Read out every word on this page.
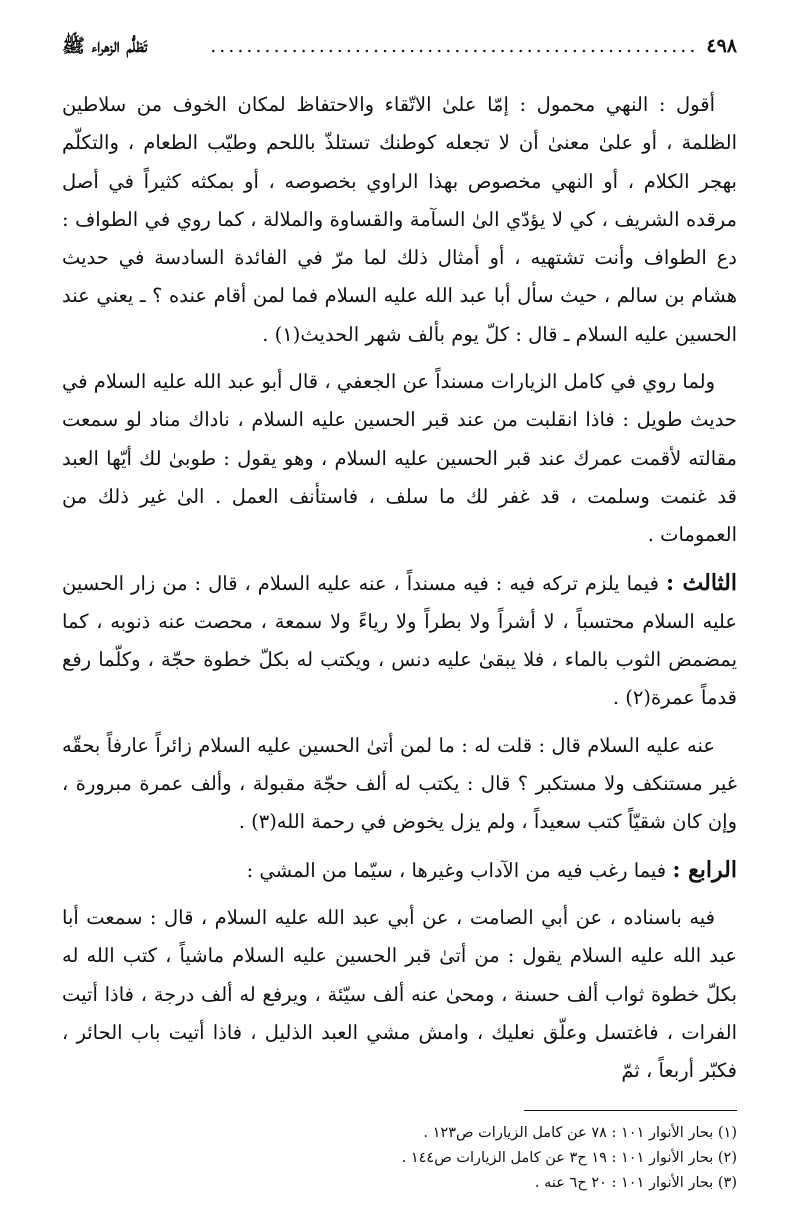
٤٩٨
......................................................
تَظلُّم الزهراء ﷺ

أقول : النهي محمول : إمّا علىٰ الاتّقاء والاحتفاظ لمكان الخوف من سلاطين الظلمة ، أو علىٰ معنىٰ أن لا تجعله كوطنك تستلذّ باللحم وطيّب الطعام ، والتكلّم بهجر الكلام ، أو النهي مخصوص بهذا الراوي بخصوصه ، أو بمكثه كثيراً في أصل مرقده الشريف ، كي لا يؤدّي الىٰ السآمة والقساوة والملالة ، كما روي في الطواف : دع الطواف وأنت تشتهيه ، أو أمثال ذلك لما مرّ في الفائدة السادسة في حديث هشام بن سالم ، حيث سأل أبا عبد الله عليه السلام فما لمن أقام عنده ؟ ـ يعني عند الحسين عليه السلام ـ قال : كلّ يوم بألف شهر الحديث(١) .

ولما روي في كامل الزيارات مسنداً عن الجعفي ، قال أبو عبد الله عليه السلام في حديث طويل : فاذا انقلبت من عند قبر الحسين عليه السلام ، ناداك مناد لو سمعت مقالته لأقمت عمرك عند قبر الحسين عليه السلام ، وهو يقول : طوبىٰ لك أيّها العبد قد غنمت وسلمت ، قد غفر لك ما سلف ، فاستأنف العمل . الىٰ غير ذلك من العمومات .

الثالث : فيما يلزم تركه فيه : فيه مسنداً ، عنه عليه السلام ، قال : من زار الحسين عليه السلام محتسباً ، لا أشراً ولا بطراً ولا رياءً ولا سمعة ، محصت عنه ذنوبه ، كما يمضمض الثوب بالماء ، فلا يبقىٰ عليه دنس ، ويكتب له بكلّ خطوة حجّة ، وكلّما رفع قدماً عمرة(٢) .

عنه عليه السلام قال : قلت له : ما لمن أتىٰ الحسين عليه السلام زائراً عارفاً بحقّه غير مستنكف ولا مستكبر ؟ قال : يكتب له ألف حجّة مقبولة ، وألف عمرة مبرورة ، وإن كان شقيّاً كتب سعيداً ، ولم يزل يخوض في رحمة الله(٣) .

الرابع : فيما رغب فيه من الآداب وغيرها ، سيّما من المشي :

فيه باسناده ، عن أبي الصامت ، عن أبي عبد الله عليه السلام ، قال : سمعت أبا عبد الله عليه السلام يقول : من أتىٰ قبر الحسين عليه السلام ماشياً ، كتب الله له بكلّ خطوة ثواب ألف حسنة ، ومحىٰ عنه ألف سيّئة ، ويرفع له ألف درجة ، فاذا أتيت الفرات ، فاغتسل وعلّق نعليك ، وامش مشي العبد الذليل ، فاذا أتيت باب الحائر ، فكبّر أربعاً ، ثمّ

(١) بحار الأنوار ١٠١ : ٧٨ عن كامل الزيارات ص١٢٣ .
(٢) بحار الأنوار ١٠١ : ١٩ ح٣ عن كامل الزيارات ص١٤٤ .
(٣) بحار الأنوار ١٠١ : ٢٠ ح٦ عنه .
